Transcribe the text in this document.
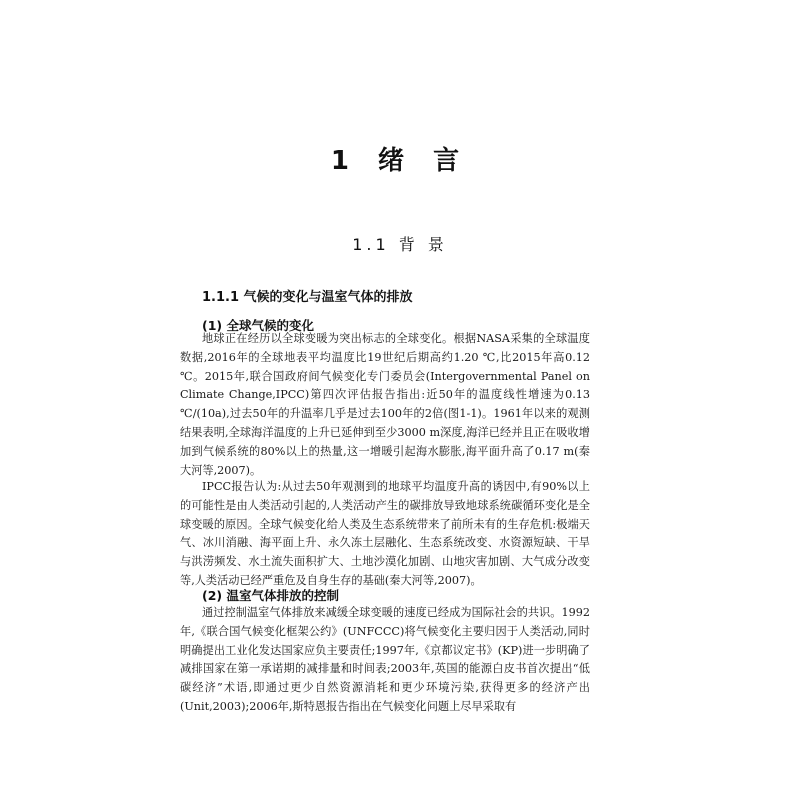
1 绪 言
1.1 背 景
1.1.1 气候的变化与温室气体的排放
(1) 全球气候的变化
地球正在经历以全球变暖为突出标志的全球变化。根据NASA采集的全球温度数据,2016年的全球地表平均温度比19世纪后期高约1.20 ℃,比2015年高0.12 ℃。2015年,联合国政府间气候变化专门委员会(Intergovernmental Panel on Climate Change,IPCC)第四次评估报告指出:近50年的温度线性增速为0.13 ℃/(10a),过去50年的升温率几乎是过去100年的2倍(图1-1)。1961年以来的观测结果表明,全球海洋温度的上升已延伸到至少3000 m深度,海洋已经并且正在吸收增加到气候系统的80%以上的热量,这一增暖引起海水膨胀,海平面升高了0.17 m(秦大河等,2007)。
IPCC报告认为:从过去50年观测到的地球平均温度升高的诱因中,有90%以上的可能性是由人类活动引起的,人类活动产生的碳排放导致地球系统碳循环变化是全球变暖的原因。全球气候变化给人类及生态系统带来了前所未有的生存危机:极端天气、冰川消融、海平面上升、永久冻土层融化、生态系统改变、水资源短缺、干旱与洪涝频发、水土流失面积扩大、土地沙漠化加剧、山地灾害加剧、大气成分改变等,人类活动已经严重危及自身生存的基础(秦大河等,2007)。
(2) 温室气体排放的控制
通过控制温室气体排放来减缓全球变暖的速度已经成为国际社会的共识。1992年,《联合国气候变化框架公约》(UNFCCC)将气候变化主要归因于人类活动,同时明确提出工业化发达国家应负主要责任;1997年,《京都议定书》(KP)进一步明确了减排国家在第一承诺期的减排量和时间表;2003年,英国的能源白皮书首次提出“低碳经济”术语,即通过更少自然资源消耗和更少环境污染,获得更多的经济产出(Unit,2003);2006年,斯特恩报告指出在气候变化问题上尽早采取有
